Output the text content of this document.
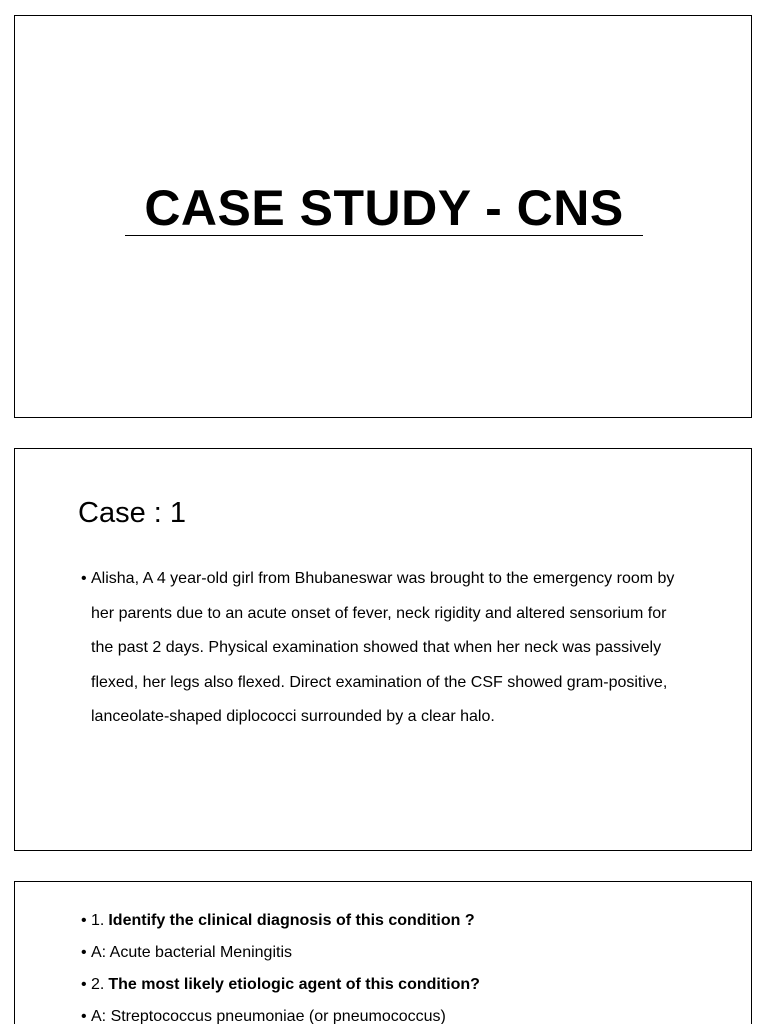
CASE STUDY - CNS
Case : 1
• Alisha, A 4 year-old girl from Bhubaneswar was brought to the emergency room by her parents due to an acute onset of fever, neck rigidity and altered sensorium for the past 2 days. Physical examination showed that when her neck was passively flexed, her legs also flexed. Direct examination of the CSF showed gram-positive, lanceolate-shaped diplococci surrounded by a clear halo.
• 1. Identify the clinical diagnosis of this condition ?
• A: Acute bacterial Meningitis
• 2. The most likely etiologic agent of this condition?
• A: Streptococcus pneumoniae (or pneumococcus)
